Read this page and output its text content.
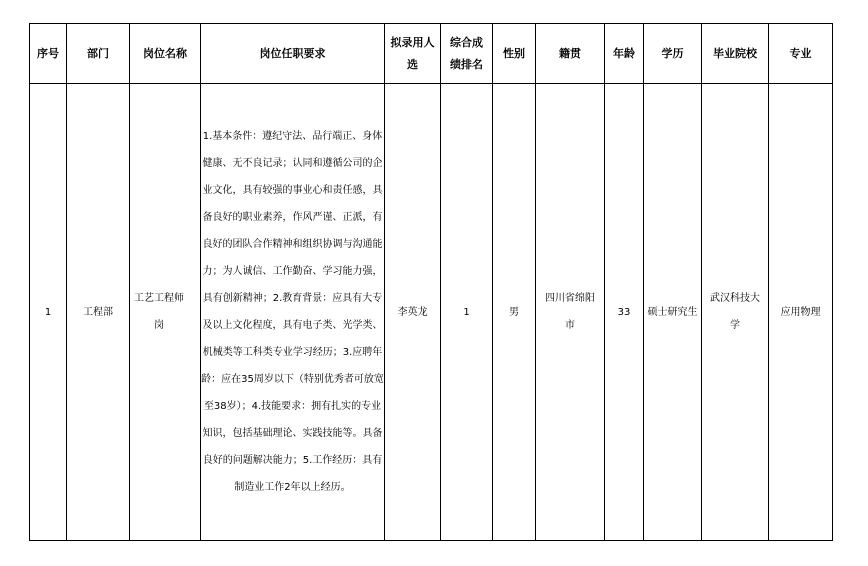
序号	部门	岗位名称	岗位任职要求	拟录用人选	综合成绩排名	性别	籍贯	年龄	学历	毕业院校	专业
1	工程部	工艺工程师岗	1.基本条件：遵纪守法、品行端正、身体健康、无不良记录；认同和遵循公司的企业文化，具有较强的事业心和责任感，具备良好的职业素养，作风严谨、正派，有良好的团队合作精神和组织协调与沟通能力；为人诚信、工作勤奋、学习能力强，具有创新精神；2.教育背景：应具有大专及以上文化程度，具有电子类、光学类、机械类等工科类专业学习经历；3.应聘年龄：应在35周岁以下（特别优秀者可放宽至38岁）；4.技能要求：拥有扎实的专业知识，包括基础理论、实践技能等。具备良好的问题解决能力；5.工作经历：具有制造业工作2年以上经历。	李英龙	1	男	四川省绵阳市	33	硕士研究生	武汉科技大学	应用物理
